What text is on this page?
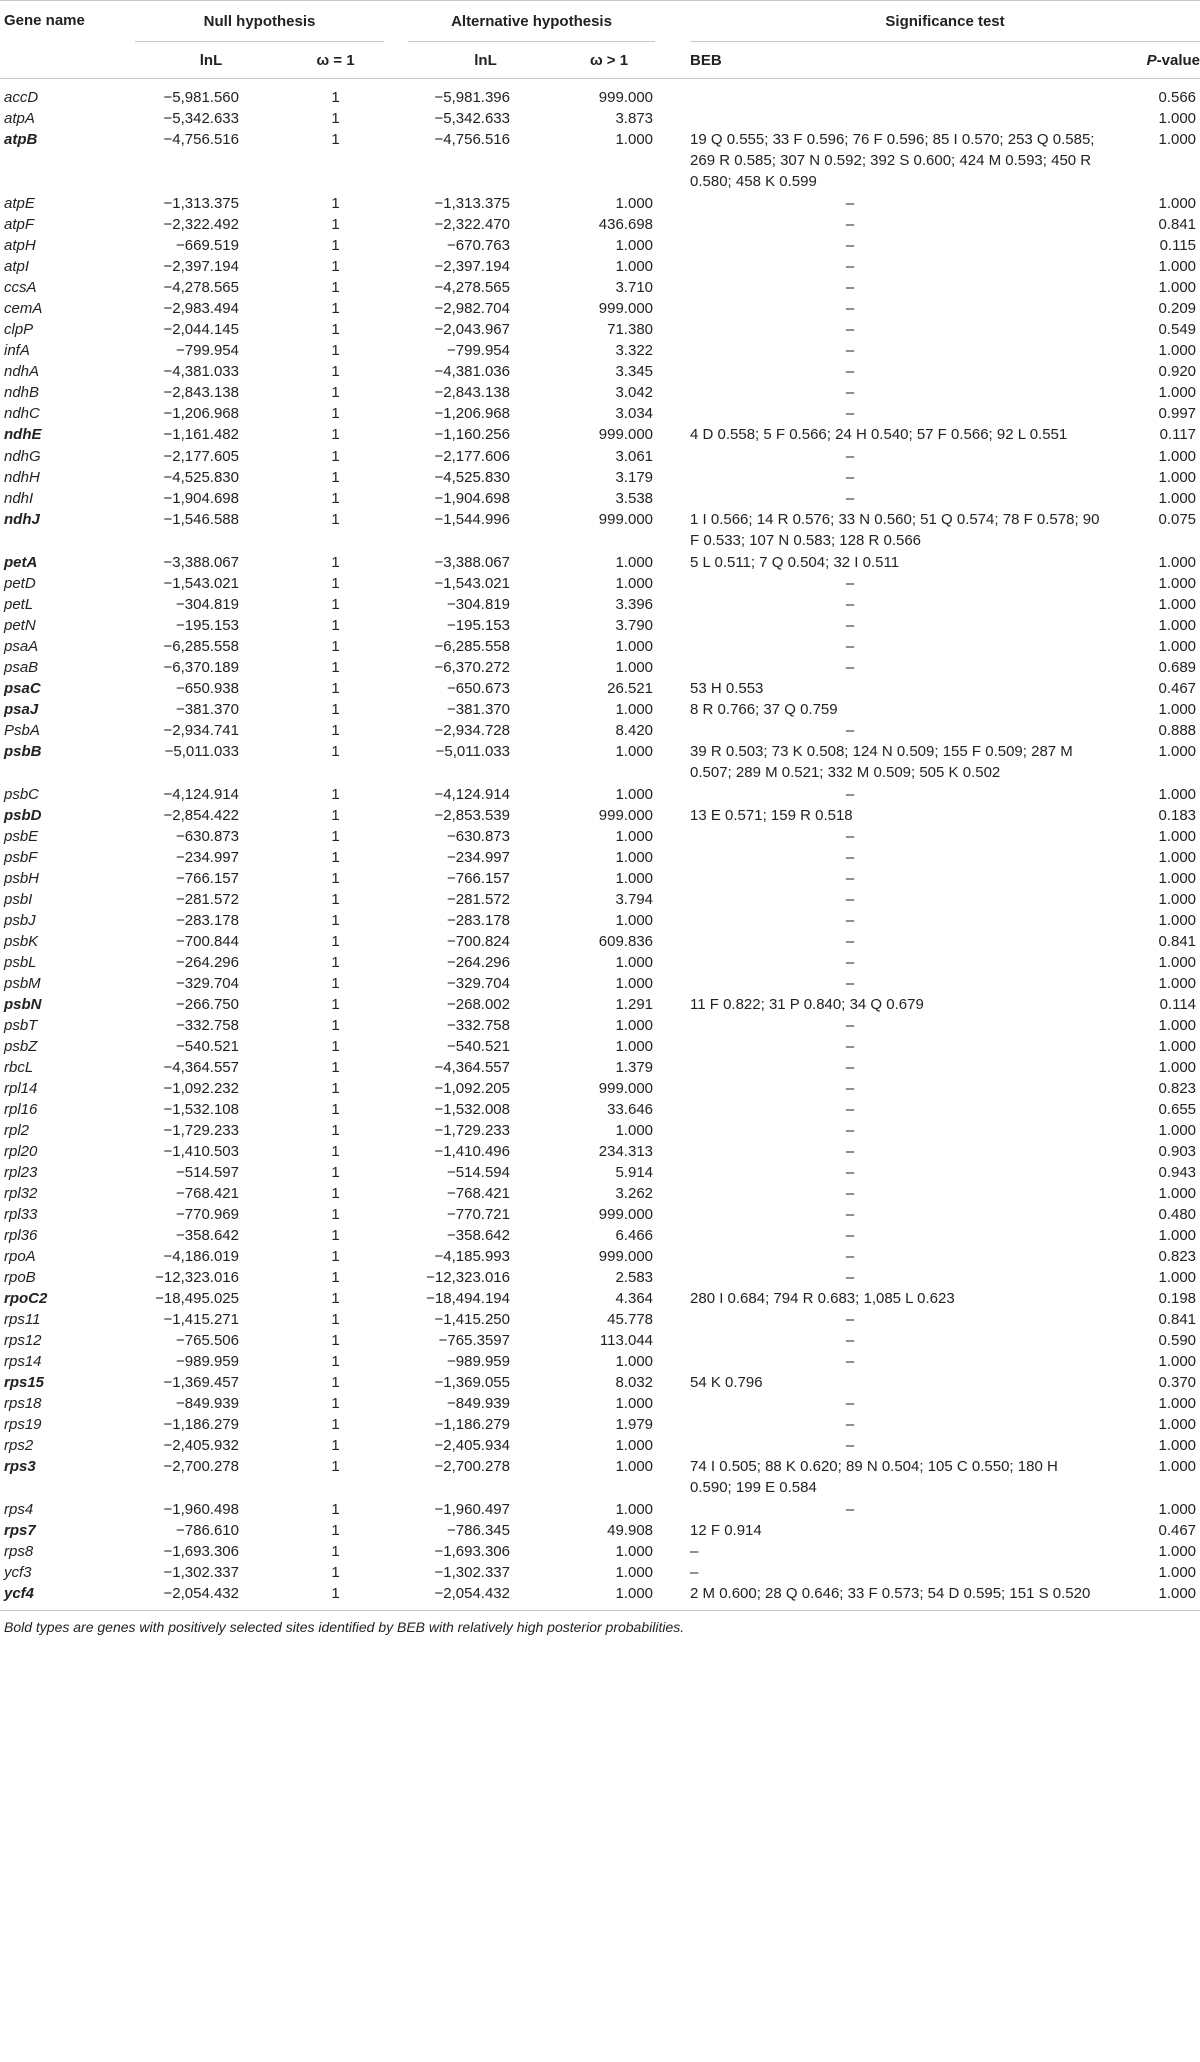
Gene name	Null hypothesis			Alternative hypothesis			Significance test	
	lnL	ω = 1		lnL	ω > 1		BEB	P-value
accD	−5,981.560	1		−5,981.396	999.000			0.566
atpA	−5,342.633	1		−5,342.633	3.873			1.000
atpB	−4,756.516	1		−4,756.516	1.000		19 Q 0.555; 33 F 0.596; 76 F 0.596; 85 I 0.570; 253 Q 0.585; 269 R 0.585; 307 N 0.592; 392 S 0.600; 424 M 0.593; 450 R 0.580; 458 K 0.599	1.000
atpE	−1,313.375	1		−1,313.375	1.000		–	1.000
atpF	−2,322.492	1		−2,322.470	436.698		–	0.841
atpH	−669.519	1		−670.763	1.000		–	0.115
atpI	−2,397.194	1		−2,397.194	1.000		–	1.000
ccsA	−4,278.565	1		−4,278.565	3.710		–	1.000
cemA	−2,983.494	1		−2,982.704	999.000		–	0.209
clpP	−2,044.145	1		−2,043.967	71.380		–	0.549
infA	−799.954	1		−799.954	3.322		–	1.000
ndhA	−4,381.033	1		−4,381.036	3.345		–	0.920
ndhB	−2,843.138	1		−2,843.138	3.042		–	1.000
ndhC	−1,206.968	1		−1,206.968	3.034		–	0.997
ndhE	−1,161.482	1		−1,160.256	999.000		4 D 0.558; 5 F 0.566; 24 H 0.540; 57 F 0.566; 92 L 0.551	0.117
ndhG	−2,177.605	1		−2,177.606	3.061		–	1.000
ndhH	−4,525.830	1		−4,525.830	3.179		–	1.000
ndhI	−1,904.698	1		−1,904.698	3.538		–	1.000
ndhJ	−1,546.588	1		−1,544.996	999.000		1 I 0.566; 14 R 0.576; 33 N 0.560; 51 Q 0.574; 78 F 0.578; 90 F 0.533; 107 N 0.583; 128 R 0.566	0.075
petA	−3,388.067	1		−3,388.067	1.000		5 L 0.511; 7 Q 0.504; 32 I 0.511	1.000
petD	−1,543.021	1		−1,543.021	1.000		–	1.000
petL	−304.819	1		−304.819	3.396		–	1.000
petN	−195.153	1		−195.153	3.790		–	1.000
psaA	−6,285.558	1		−6,285.558	1.000		–	1.000
psaB	−6,370.189	1		−6,370.272	1.000		–	0.689
psaC	−650.938	1		−650.673	26.521		53 H 0.553	0.467
psaJ	−381.370	1		−381.370	1.000		8 R 0.766; 37 Q 0.759	1.000
PsbA	−2,934.741	1		−2,934.728	8.420		–	0.888
psbB	−5,011.033	1		−5,011.033	1.000		39 R 0.503; 73 K 0.508; 124 N 0.509; 155 F 0.509; 287 M 0.507; 289 M 0.521; 332 M 0.509; 505 K 0.502	1.000
psbC	−4,124.914	1		−4,124.914	1.000		–	1.000
psbD	−2,854.422	1		−2,853.539	999.000		13 E 0.571; 159 R 0.518	0.183
psbE	−630.873	1		−630.873	1.000		–	1.000
psbF	−234.997	1		−234.997	1.000		–	1.000
psbH	−766.157	1		−766.157	1.000		–	1.000
psbI	−281.572	1		−281.572	3.794		–	1.000
psbJ	−283.178	1		−283.178	1.000		–	1.000
psbK	−700.844	1		−700.824	609.836		–	0.841
psbL	−264.296	1		−264.296	1.000		–	1.000
psbM	−329.704	1		−329.704	1.000		–	1.000
psbN	−266.750	1		−268.002	1.291		11 F 0.822; 31 P 0.840; 34 Q 0.679	0.114
psbT	−332.758	1		−332.758	1.000		–	1.000
psbZ	−540.521	1		−540.521	1.000		–	1.000
rbcL	−4,364.557	1		−4,364.557	1.379		–	1.000
rpl14	−1,092.232	1		−1,092.205	999.000		–	0.823
rpl16	−1,532.108	1		−1,532.008	33.646		–	0.655
rpl2	−1,729.233	1		−1,729.233	1.000		–	1.000
rpl20	−1,410.503	1		−1,410.496	234.313		–	0.903
rpl23	−514.597	1		−514.594	5.914		–	0.943
rpl32	−768.421	1		−768.421	3.262		–	1.000
rpl33	−770.969	1		−770.721	999.000		–	0.480
rpl36	−358.642	1		−358.642	6.466		–	1.000
rpoA	−4,186.019	1		−4,185.993	999.000		–	0.823
rpoB	−12,323.016	1		−12,323.016	2.583		–	1.000
rpoC2	−18,495.025	1		−18,494.194	4.364		280 I 0.684; 794 R 0.683; 1,085 L 0.623	0.198
rps11	−1,415.271	1		−1,415.250	45.778		–	0.841
rps12	−765.506	1		−765.3597	113.044		–	0.590
rps14	−989.959	1		−989.959	1.000		–	1.000
rps15	−1,369.457	1		−1,369.055	8.032		54 K 0.796	0.370
rps18	−849.939	1		−849.939	1.000		–	1.000
rps19	−1,186.279	1		−1,186.279	1.979		–	1.000
rps2	−2,405.932	1		−2,405.934	1.000		–	1.000
rps3	−2,700.278	1		−2,700.278	1.000		74 I 0.505; 88 K 0.620; 89 N 0.504; 105 C 0.550; 180 H 0.590; 199 E 0.584	1.000
rps4	−1,960.498	1		−1,960.497	1.000		–	1.000
rps7	−786.610	1		−786.345	49.908		12 F 0.914	0.467
rps8	−1,693.306	1		−1,693.306	1.000		–	1.000
ycf3	−1,302.337	1		−1,302.337	1.000		–	1.000
ycf4	−2,054.432	1		−2,054.432	1.000		2 M 0.600; 28 Q 0.646; 33 F 0.573; 54 D 0.595; 151 S 0.520	1.000
Bold types are genes with positively selected sites identified by BEB with relatively high posterior probabilities.
